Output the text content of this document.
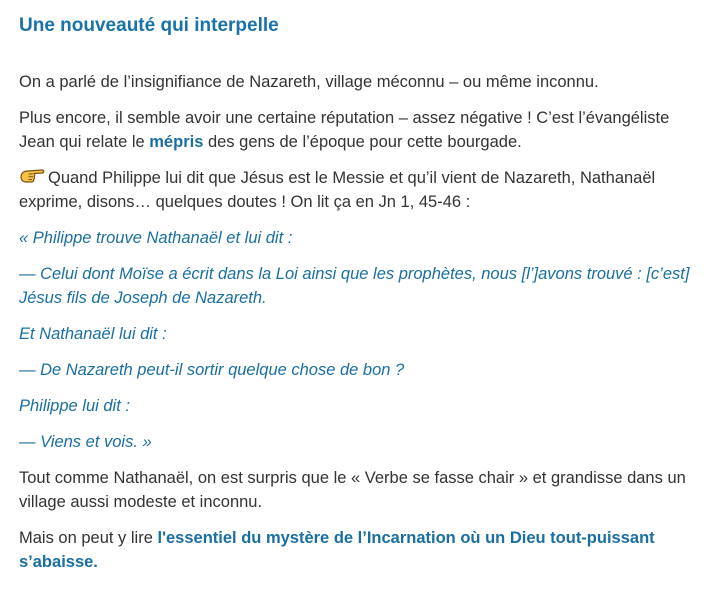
Une nouveauté qui interpelle

On a parlé de l’insignifiance de Nazareth, village méconnu – ou même inconnu.

Plus encore, il semble avoir une certaine réputation – assez négative ! C’est l’évangéliste Jean qui relate le mépris des gens de l’époque pour cette bourgade.

Quand Philippe lui dit que Jésus est le Messie et qu’il vient de Nazareth, Nathanaël exprime, disons… quelques doutes ! On lit ça en Jn 1, 45-46 :

« Philippe trouve Nathanaël et lui dit :

— Celui dont Moïse a écrit dans la Loi ainsi que les prophètes, nous [l’]avons trouvé : [c’est] Jésus fils de Joseph de Nazareth.

Et Nathanaël lui dit :

— De Nazareth peut-il sortir quelque chose de bon ?

Philippe lui dit :

— Viens et vois. »

Tout comme Nathanaël, on est surpris que le « Verbe se fasse chair » et grandisse dans un village aussi modeste et inconnu.

Mais on peut y lire l'essentiel du mystère de l’Incarnation où un Dieu tout-puissant s’abaisse.
